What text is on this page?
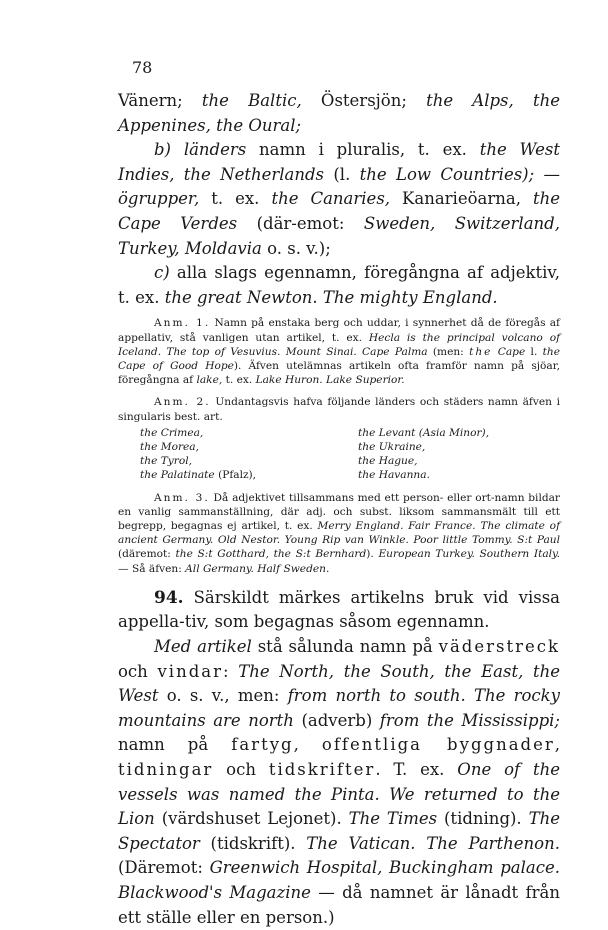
78

Vänern; the Baltic, Östersjön; the Alps, the Appenines, the Oural;

b) länders namn i pluralis, t. ex. the West Indies, the Netherlands (l. the Low Countries); — ögrupper, t. ex. the Canaries, Kanarieöarna, the Cape Verdes (där-emot: Sweden, Switzerland, Turkey, Moldavia o. s. v.);

c) alla slags egennamn, föregångna af adjektiv, t. ex. the great Newton. The mighty England.

Anm. 1. Namn på enstaka berg och uddar, i synnerhet då de föregås af appellativ, stå vanligen utan artikel, t. ex. Hecla is the principal volcano of Iceland. The top of Vesuvius. Mount Sinai. Cape Palma (men: the Cape l. the Cape of Good Hope). Äfven utelämnas artikeln ofta framför namn på sjöar, föregångna af lake, t. ex. Lake Huron. Lake Superior.

Anm. 2. Undantagsvis hafva följande länders och städers namn äfven i singularis best. art.

the Crimea,	the Levant (Asia Minor),
the Morea,	the Ukraine,
the Tyrol,	the Hague,
the Palatinate (Pfalz),	the Havanna.

Anm. 3. Då adjektivet tillsammans med ett person- eller ort-namn bildar en vanlig sammanställning, där adj. och subst. liksom sammansmält till ett begrepp, begagnas ej artikel, t. ex. Merry England. Fair France. The climate of ancient Germany. Old Nestor. Young Rip van Winkle. Poor little Tommy. S:t Paul (däremot: the S:t Gotthard, the S:t Bernhard). European Turkey. Southern Italy. — Så äfven: All Germany. Half Sweden.

94. Särskildt märkes artikelns bruk vid vissa appella-tiv, som begagnas såsom egennamn.

Med artikel stå sålunda namn på väderstreck och vindar: The North, the South, the East, the West o. s. v., men: from north to south. The rocky mountains are north (adverb) from the Mississippi; namn på fartyg, offentliga byggnader, tidningar och tidskrifter. T. ex. One of the vessels was named the Pinta. We returned to the Lion (värdshuset Lejonet). The Times (tidning). The Spectator (tidskrift). The Vatican. The Parthenon. (Däremot: Greenwich Hospital, Buckingham palace. Blackwood's Magazine — då namnet är lånadt från ett ställe eller en person.)
